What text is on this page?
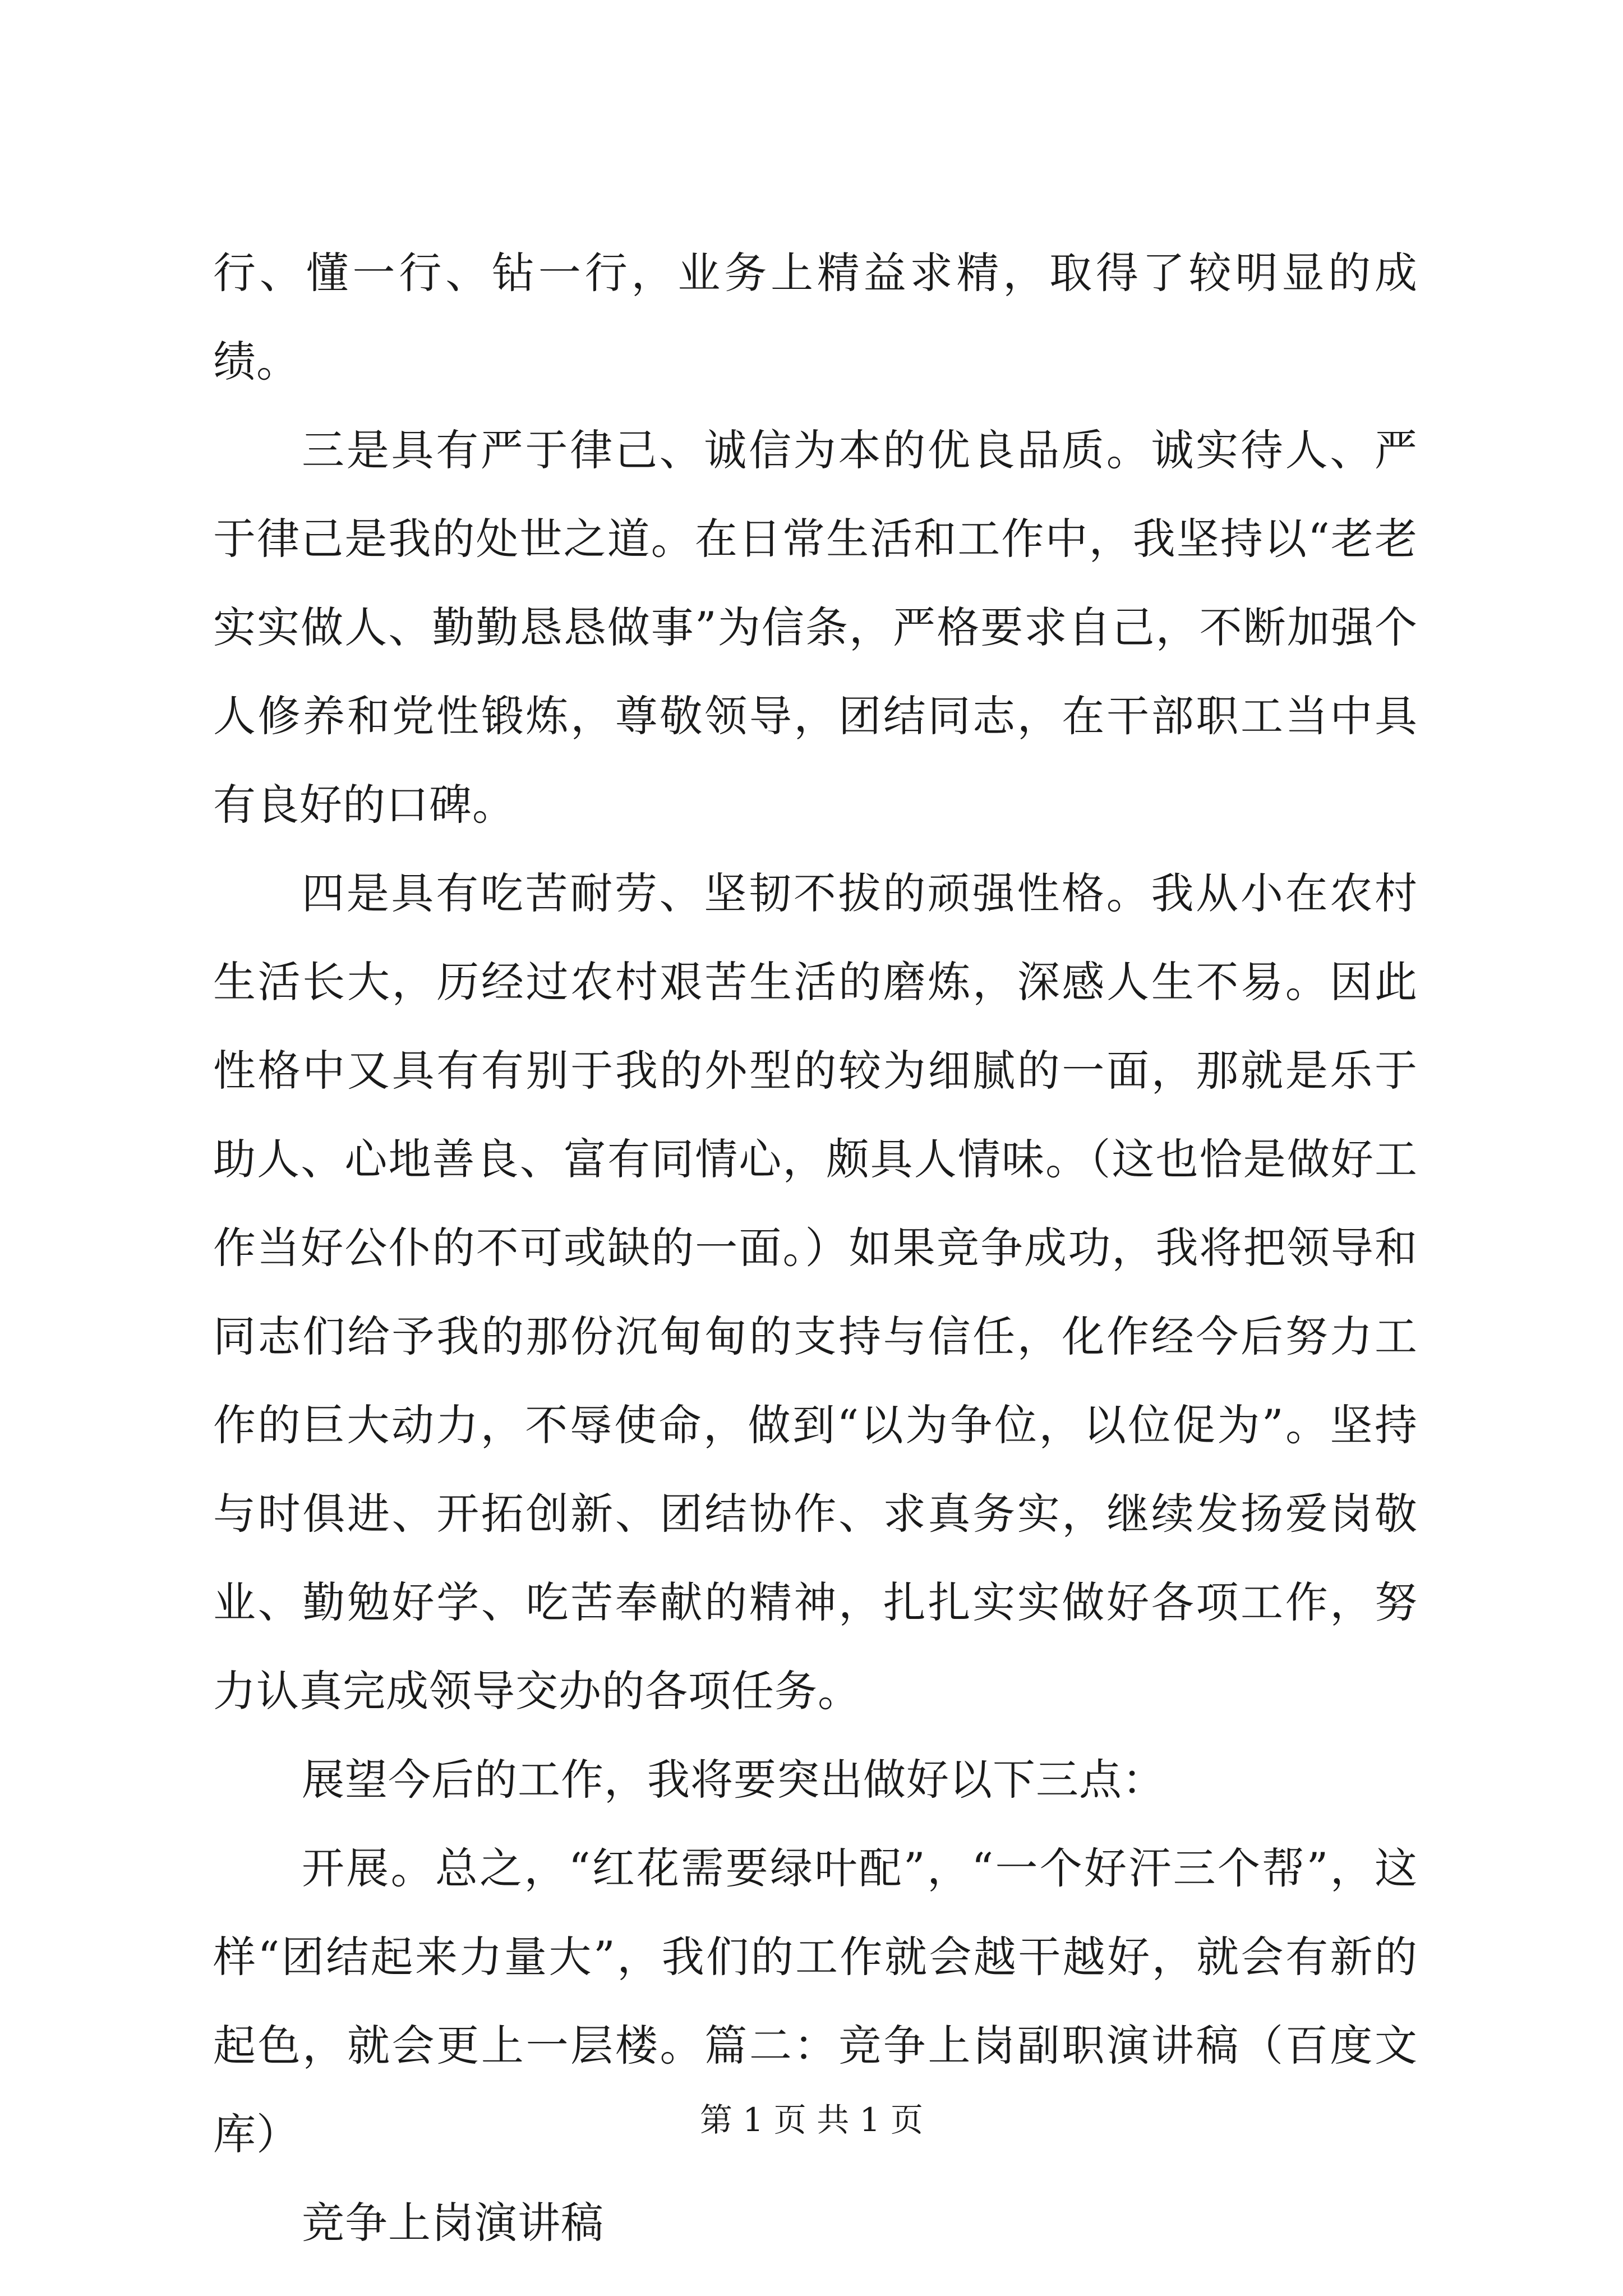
行、懂一行、钻一行，业务上精益求精，取得了较明显的成绩。

三是具有严于律己、诚信为本的优良品质。诚实待人、严于律己是我的处世之道。在日常生活和工作中，我坚持以“老老实实做人、勤勤恳恳做事”为信条，严格要求自己，不断加强个人修养和党性锻炼，尊敬领导，团结同志，在干部职工当中具有良好的口碑。

四是具有吃苦耐劳、坚韧不拔的顽强性格。我从小在农村生活长大，历经过农村艰苦生活的磨炼，深感人生不易。因此性格中又具有有别于我的外型的较为细腻的一面，那就是乐于助人、心地善良、富有同情心，颇具人情味。（这也恰是做好工作当好公仆的不可或缺的一面。）如果竞争成功，我将把领导和同志们给予我的那份沉甸甸的支持与信任，化作经今后努力工作的巨大动力，不辱使命，做到“以为争位，以位促为”。坚持与时俱进、开拓创新、团结协作、求真务实，继续发扬爱岗敬业、勤勉好学、吃苦奉献的精神，扎扎实实做好各项工作，努力认真完成领导交办的各项任务。

展望今后的工作，我将要突出做好以下三点：

开展。总之，“红花需要绿叶配”，“一个好汗三个帮”，这样“团结起来力量大”，我们的工作就会越干越好，就会有新的起色，就会更上一层楼。篇二：竞争上岗副职演讲稿（百度文库）

竞争上岗演讲稿

第 1 页 共 1 页
